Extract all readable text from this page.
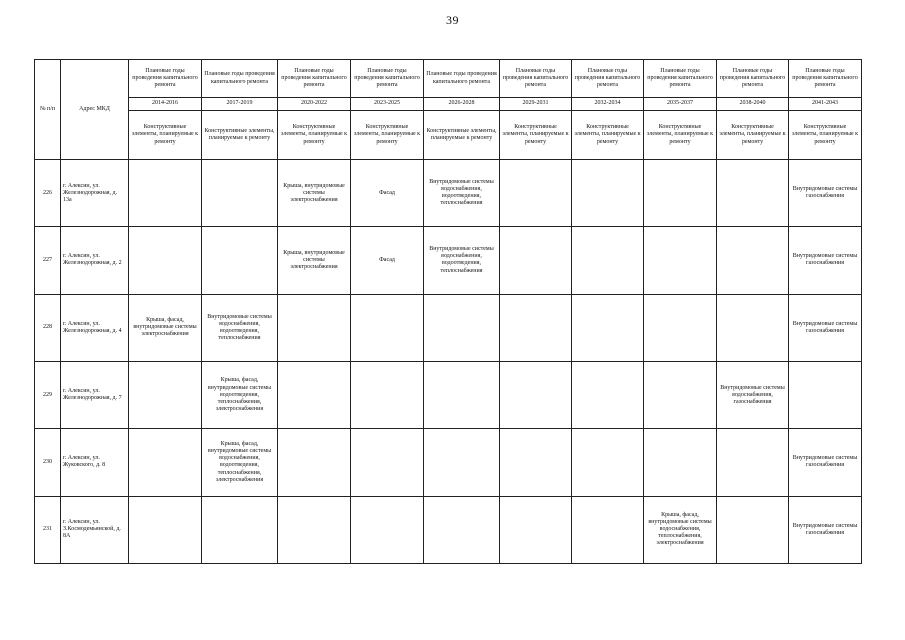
39
№ п/п	Адрес МКД	Плановые годы проведения капитального ремонта	Плановые годы проведения капитального ремонта	Плановые годы проведения капитального ремонта	Плановые годы проведения капитального ремонта	Плановые годы проведения капитального ремонта	Плановые годы проведения капитального ремонта	Плановые годы проведения капитального ремонта	Плановые годы проведения капитального ремонта	Плановые годы проведения капитального ремонта	Плановые годы проведения капитального ремонта
		2014-2016	2017-2019	2020-2022	2023-2025	2026-2028	2029-2031	2032-2034	2035-2037	2038-2040	2041-2043
		Конструктивные элементы, планируемые к ремонту	Конструктивные элементы, планируемые к ремонту	Конструктивные элементы, планируемые к ремонту	Конструктивные элементы, планируемые к ремонту	Конструктивные элементы, планируемые к ремонту	Конструктивные элементы, планируемые к ремонту	Конструктивные элементы, планируемые к ремонту	Конструктивные элементы, планируемые к ремонту	Конструктивные элементы, планируемые к ремонту	Конструктивные элементы, планируемые к ремонту
226	г. Алексин, ул. Железнодорожная, д. 13а			Крыша, внутридомовые системы электроснабжения	Фасад	Внутридомовые системы водоснабжения, водоотведения, теплоснабжения					Внутридомовые системы газоснабжения
227	г. Алексин, ул. Железнодорожная, д. 2			Крыша, внутридомовые системы электроснабжения	Фасад	Внутридомовые системы водоснабжения, водоотведения, теплоснабжения					Внутридомовые системы газоснабжения
228	г. Алексин, ул. Железнодорожная, д. 4	Крыша, фасад, внутридомовые системы электроснабжения	Внутридомовые системы водоснабжения, водоотведения, теплоснабжения								Внутридомовые системы газоснабжения
229	г. Алексин, ул. Железнодорожная, д. 7		Крыша, фасад, внутридомовые системы водоотведения, теплоснабжения, электроснабжения							Внутридомовые системы водоснабжения, газоснабжения	
230	г. Алексин, ул. Жуковского, д. 8		Крыша, фасад, внутридомовые системы водоснабжения, водоотведения, теплоснабжения, электроснабжения								Внутридомовые системы газоснабжения
231	г. Алексин, ул. З.Космодемьянской, д. 8А								Крыша, фасад, внутридомовые системы водоснабжения, теплоснабжения, электроснабжения		Внутридомовые системы газоснабжения
